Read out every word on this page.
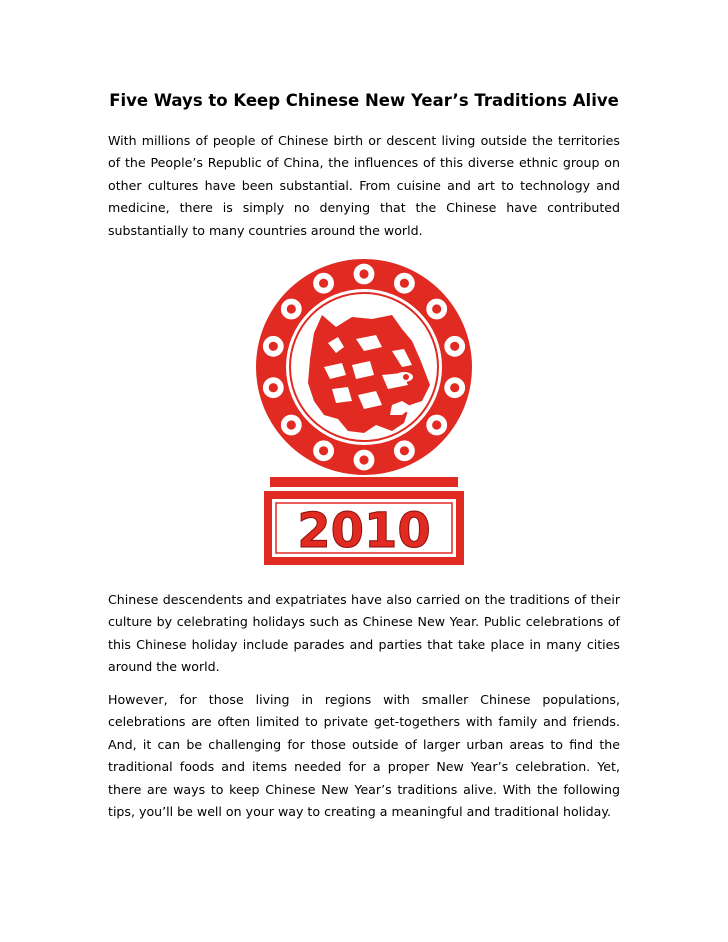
Five Ways to Keep Chinese New Year’s Traditions Alive

With millions of people of Chinese birth or descent living outside the territories of the People’s Republic of China, the influences of this diverse ethnic group on other cultures have been substantial. From cuisine and art to technology and medicine, there is simply no denying that the Chinese have contributed substantially to many countries around the world.

2010

Chinese descendents and expatriates have also carried on the traditions of their culture by celebrating holidays such as Chinese New Year. Public celebrations of this Chinese holiday include parades and parties that take place in many cities around the world.

However, for those living in regions with smaller Chinese populations, celebrations are often limited to private get-togethers with family and friends. And, it can be challenging for those outside of larger urban areas to find the traditional foods and items needed for a proper New Year’s celebration. Yet, there are ways to keep Chinese New Year’s traditions alive. With the following tips, you’ll be well on your way to creating a meaningful and traditional holiday.
